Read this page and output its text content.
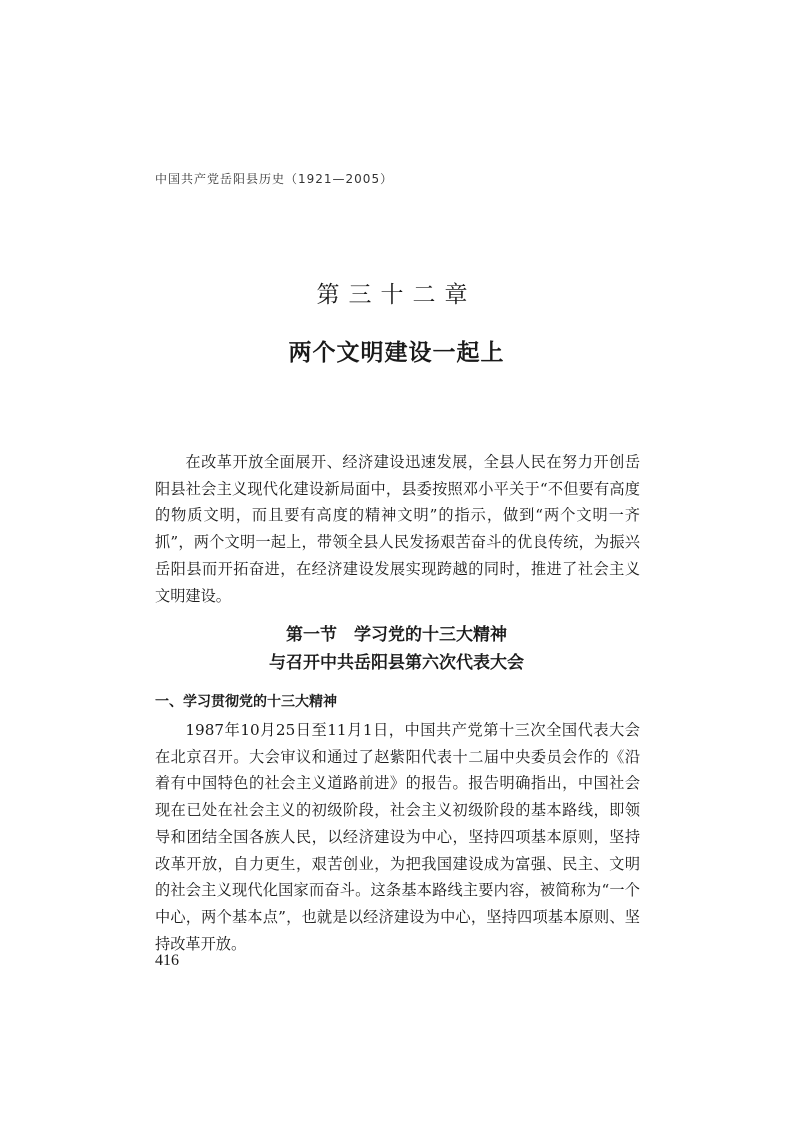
中国共产党岳阳县历史（1921—2005）
第三十二章
两个文明建设一起上

在改革开放全面展开、经济建设迅速发展，全县人民在努力开创岳阳县社会主义现代化建设新局面中，县委按照邓小平关于“不但要有高度的物质文明，而且要有高度的精神文明”的指示，做到“两个文明一齐抓”，两个文明一起上，带领全县人民发扬艰苦奋斗的优良传统，为振兴岳阳县而开拓奋进，在经济建设发展实现跨越的同时，推进了社会主义文明建设。

第一节　学习党的十三大精神
与召开中共岳阳县第六次代表大会
一、学习贯彻党的十三大精神

1987年10月25日至11月1日，中国共产党第十三次全国代表大会在北京召开。大会审议和通过了赵紫阳代表十二届中央委员会作的《沿着有中国特色的社会主义道路前进》的报告。报告明确指出，中国社会现在已处在社会主义的初级阶段，社会主义初级阶段的基本路线，即领导和团结全国各族人民，以经济建设为中心，坚持四项基本原则，坚持改革开放，自力更生，艰苦创业，为把我国建设成为富强、民主、文明的社会主义现代化国家而奋斗。这条基本路线主要内容，被简称为“一个中心，两个基本点”，也就是以经济建设为中心，坚持四项基本原则、坚持改革开放。

416
